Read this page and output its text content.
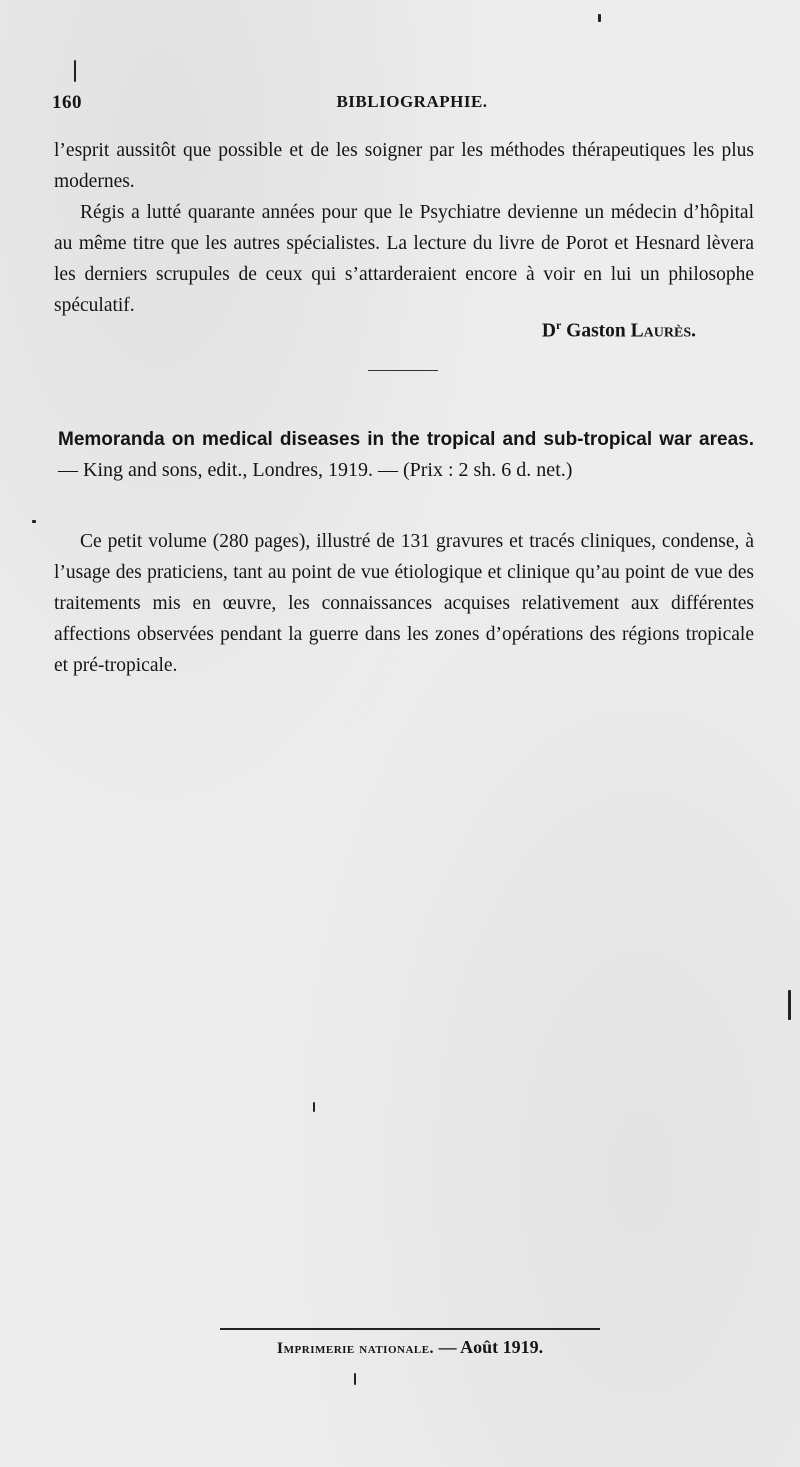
160	BIBLIOGRAPHIE.

l’esprit aussitôt que possible et de les soigner par les méthodes thérapeutiques les plus modernes.

Régis a lutté quarante années pour que le Psychiatre devienne un médecin d’hôpital au même titre que les autres spécialistes. La lecture du livre de Porot et Hesnard lèvera les derniers scrupules de ceux qui s’attarderaient encore à voir en lui un philosophe spéculatif.

$D^r$ Gaston Laurès.
Memoranda on medical diseases in the tropical and sub-tropical war areas. — King and sons, edit., Londres, 1919. — (Prix : 2 sh. 6 d. net.)

Ce petit volume (280 pages), illustré de 131 gravures et tracés cliniques, condense, à l’usage des praticiens, tant au point de vue étiologique et clinique qu’au point de vue des traitements mis en œuvre, les connaissances acquises relativement aux différentes affections observées pendant la guerre dans les zones d’opérations des régions tropicale et pré-tropicale.

Imprimerie nationale. — Août 1919.
